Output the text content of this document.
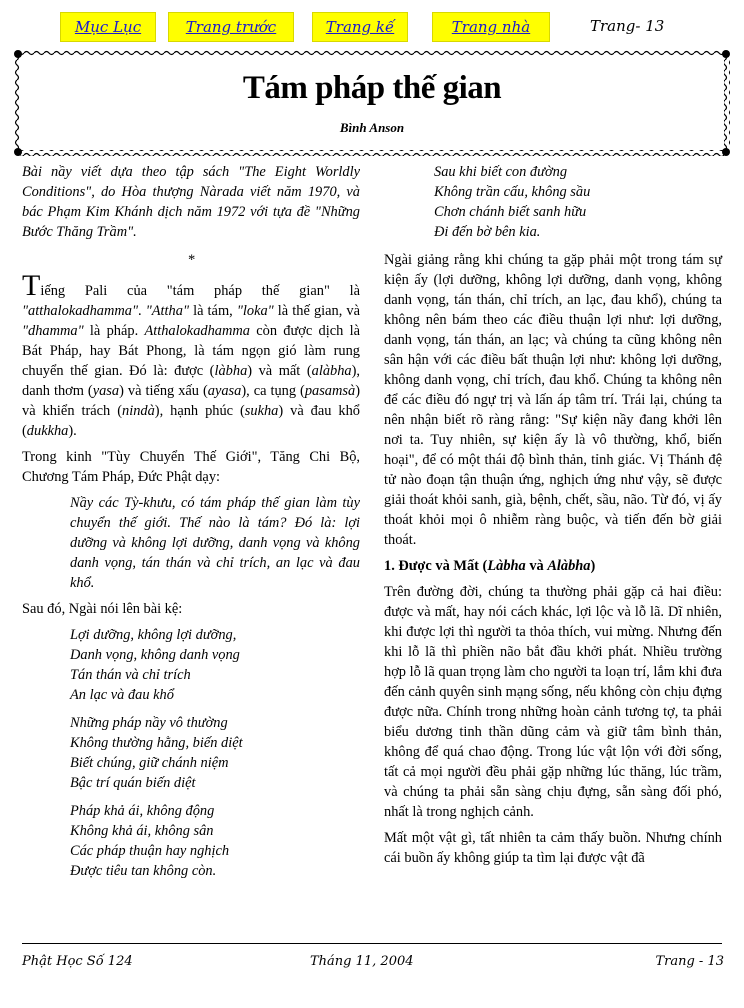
Mục Lục	Trang trước	Trang kế	Trang nhà	Trang- 13
Tám pháp thế gian
Bình Anson

Bài nầy viết dựa theo tập sách "The Eight Worldly Conditions", do Hòa thượng Nàrada viết năm 1970, và bác Phạm Kim Khánh dịch năm 1972 với tựa đề "Những Bước Thăng Trầm".

*

Tiếng Pali của "tám pháp thế gian" là "atthalokadhamma". "Attha" là tám, "loka" là thế gian, và "dhamma" là pháp. Atthalokadhamma còn được dịch là Bát Pháp, hay Bát Phong, là tám ngọn gió làm rung chuyển thế gian. Đó là: được (làbha) và mất (alàbha), danh thơm (yasa) và tiếng xấu (ayasa), ca tụng (pasamsà) và khiển trách (nindà), hạnh phúc (sukha) và đau khổ (dukkha).

Trong kinh "Tùy Chuyển Thế Giới", Tăng Chi Bộ, Chương Tám Pháp, Đức Phật dạy:

Nầy các Tỳ-khưu, có tám pháp thế gian làm tùy chuyển thế giới. Thế nào là tám? Đó là: lợi dưỡng và không lợi dưỡng, danh vọng và không danh vọng, tán thán và chỉ trích, an lạc và đau khổ.

Sau đó, Ngài nói lên bài kệ:

Lợi dưỡng, không lợi dưỡng,
Danh vọng, không danh vọng
Tán thán và chỉ trích
An lạc và đau khổ
Những pháp nầy vô thường
Không thường hằng, biến diệt
Biết chúng, giữ chánh niệm
Bậc trí quán biến diệt
Pháp khả ái, không động
Không khả ái, không sân
Các pháp thuận hay nghịch
Được tiêu tan không còn.
Sau khi biết con đường
Không trần cấu, không sầu
Chơn chánh biết sanh hữu
Đi đến bờ bên kia.

Ngài giảng rằng khi chúng ta gặp phải một trong tám sự kiện ấy (lợi dưỡng, không lợi dưỡng, danh vọng, không danh vọng, tán thán, chỉ trích, an lạc, đau khổ), chúng ta không nên bám theo các điều thuận lợi như: lợi dưỡng, danh vọng, tán thán, an lạc; và chúng ta cũng không nên sân hận với các điều bất thuận lợi như: không lợi dưỡng, không danh vọng, chỉ trích, đau khổ. Chúng ta không nên để các điều đó ngự trị và lấn áp tâm trí. Trái lại, chúng ta nên nhận biết rõ ràng rằng: "Sự kiện nầy đang khởi lên nơi ta. Tuy nhiên, sự kiện ấy là vô thường, khổ, biến hoại", để có một thái độ bình thản, tỉnh giác. Vị Thánh đệ tử nào đoạn tận thuận ứng, nghịch ứng như vậy, sẽ được giải thoát khỏi sanh, già, bệnh, chết, sầu, não. Từ đó, vị ấy thoát khỏi mọi ô nhiễm ràng buộc, và tiến đến bờ giải thoát.

1. Được và Mất (Làbha và Alàbha)

Trên đường đời, chúng ta thường phải gặp cả hai điều: được và mất, hay nói cách khác, lợi lộc và lỗ lã. Dĩ nhiên, khi được lợi thì người ta thỏa thích, vui mừng. Nhưng đến khi lỗ lã thì phiền não bắt đầu khởi phát. Nhiều trường hợp lỗ lã quan trọng làm cho người ta loạn trí, lắm khi đưa đến cảnh quyên sinh mạng sống, nếu không còn chịu đựng được nữa. Chính trong những hoàn cảnh tương tợ, ta phải biểu dương tinh thần dũng cảm và giữ tâm bình thản, không để quá chao động. Trong lúc vật lộn với đời sống, tất cả mọi người đều phải gặp những lúc thăng, lúc trầm, và chúng ta phải sẵn sàng chịu đựng, sẵn sàng đối phó, nhất là trong nghịch cảnh.

Mất một vật gì, tất nhiên ta cảm thấy buồn. Nhưng chính cái buồn ấy không giúp ta tìm lại được vật đã

Phật Học Số 124	Tháng 11, 2004	Trang - 13
